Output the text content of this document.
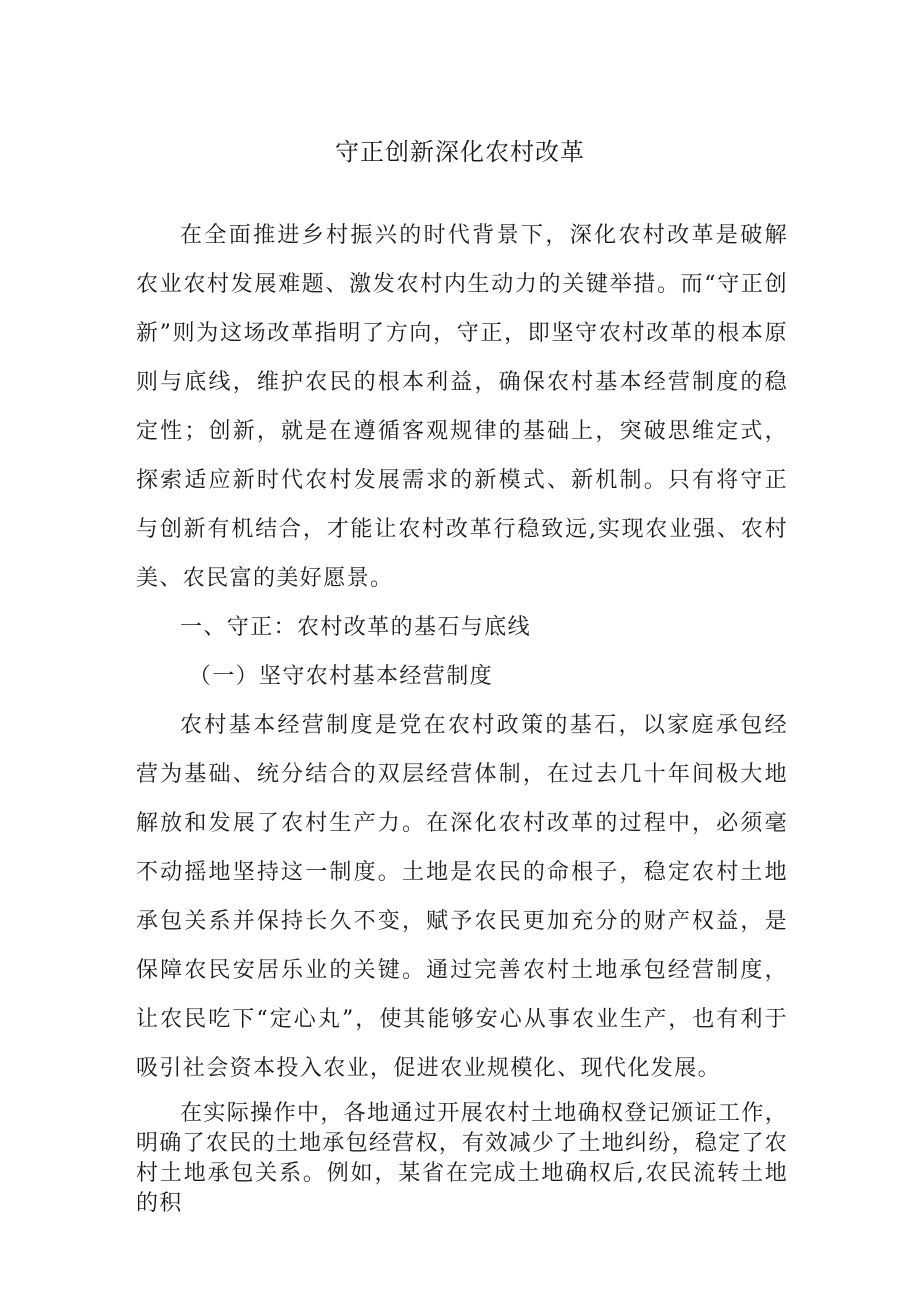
守正创新深化农村改革

在全面推进乡村振兴的时代背景下，深化农村改革是破解农业农村发展难题、激发农村内生动力的关键举措。而“守正创新”则为这场改革指明了方向，守正，即坚守农村改革的根本原则与底线，维护农民的根本利益，确保农村基本经营制度的稳定性；创新，就是在遵循客观规律的基础上，突破思维定式，探索适应新时代农村发展需求的新模式、新机制。只有将守正与创新有机结合，才能让农村改革行稳致远,实现农业强、农村美、农民富的美好愿景。

一、守正：农村改革的基石与底线

（一）坚守农村基本经营制度

农村基本经营制度是党在农村政策的基石，以家庭承包经营为基础、统分结合的双层经营体制，在过去几十年间极大地解放和发展了农村生产力。在深化农村改革的过程中，必须毫不动摇地坚持这一制度。土地是农民的命根子，稳定农村土地承包关系并保持长久不变，赋予农民更加充分的财产权益，是保障农民安居乐业的关键。通过完善农村土地承包经营制度，让农民吃下“定心丸”，使其能够安心从事农业生产，也有利于吸引社会资本投入农业，促进农业规模化、现代化发展。

在实际操作中，各地通过开展农村土地确权登记颁证工作，明确了农民的土地承包经营权，有效减少了土地纠纷，稳定了农村土地承包关系。例如，某省在完成土地确权后,农民流转土地的积
